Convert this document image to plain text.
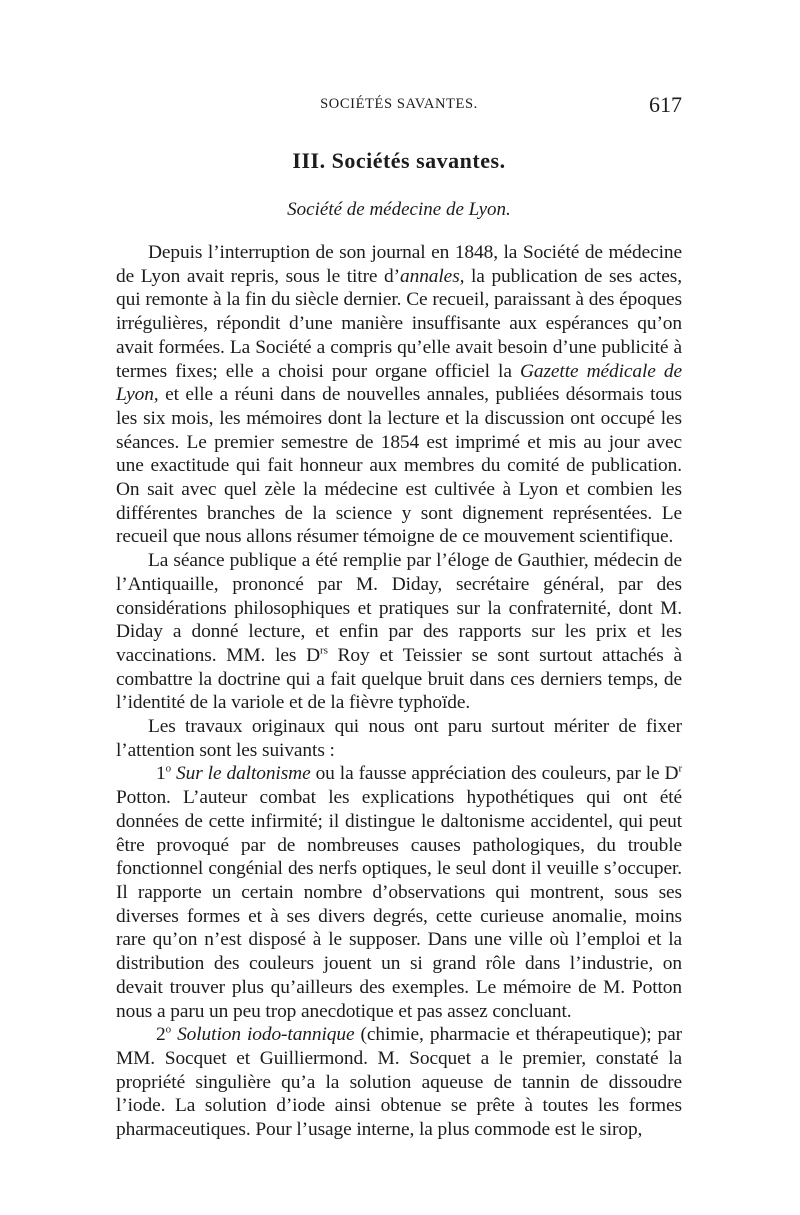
SOCIÉTÉS SAVANTES.	617
III. Sociétés savantes.
Société de médecine de Lyon.

Depuis l’interruption de son journal en 1848, la Société de médecine de Lyon avait repris, sous le titre d’annales, la publication de ses actes, qui remonte à la fin du siècle dernier. Ce recueil, paraissant à des époques irrégulières, répondit d’une manière insuffisante aux espérances qu’on avait formées. La Société a compris qu’elle avait besoin d’une publicité à termes fixes; elle a choisi pour organe officiel la Gazette médicale de Lyon, et elle a réuni dans de nouvelles annales, publiées désormais tous les six mois, les mémoires dont la lecture et la discussion ont occupé les séances. Le premier semestre de 1854 est imprimé et mis au jour avec une exactitude qui fait honneur aux membres du comité de publication. On sait avec quel zèle la médecine est cultivée à Lyon et combien les différentes branches de la science y sont dignement représentées. Le recueil que nous allons résumer témoigne de ce mouvement scientifique.

La séance publique a été remplie par l’éloge de Gauthier, médecin de l’Antiquaille, prononcé par M. Diday, secrétaire général, par des considérations philosophiques et pratiques sur la confraternité, dont M. Diday a donné lecture, et enfin par des rapports sur les prix et les vaccinations. MM. les $D^{rs}$ Roy et Teissier se sont surtout attachés à combattre la doctrine qui a fait quelque bruit dans ces derniers temps, de l’identité de la variole et de la fièvre typhoïde.

Les travaux originaux qui nous ont paru surtout mériter de fixer l’attention sont les suivants :

1$^o$ Sur le daltonisme ou la fausse appréciation des couleurs, par le $D^r$ Potton. L’auteur combat les explications hypothétiques qui ont été données de cette infirmité; il distingue le daltonisme accidentel, qui peut être provoqué par de nombreuses causes pathologiques, du trouble fonctionnel congénial des nerfs optiques, le seul dont il veuille s’occuper. Il rapporte un certain nombre d’observations qui montrent, sous ses diverses formes et à ses divers degrés, cette curieuse anomalie, moins rare qu’on n’est disposé à le supposer. Dans une ville où l’emploi et la distribution des couleurs jouent un si grand rôle dans l’industrie, on devait trouver plus qu’ailleurs des exemples. Le mémoire de M. Potton nous a paru un peu trop anecdotique et pas assez concluant.

2$^o$ Solution iodo-tannique (chimie, pharmacie et thérapeutique); par MM. Socquet et Guilliermond. M. Socquet a le premier, constaté la propriété singulière qu’a la solution aqueuse de tannin de dissoudre l’iode. La solution d’iode ainsi obtenue se prête à toutes les formes pharmaceutiques. Pour l’usage interne, la plus commode est le sirop,
